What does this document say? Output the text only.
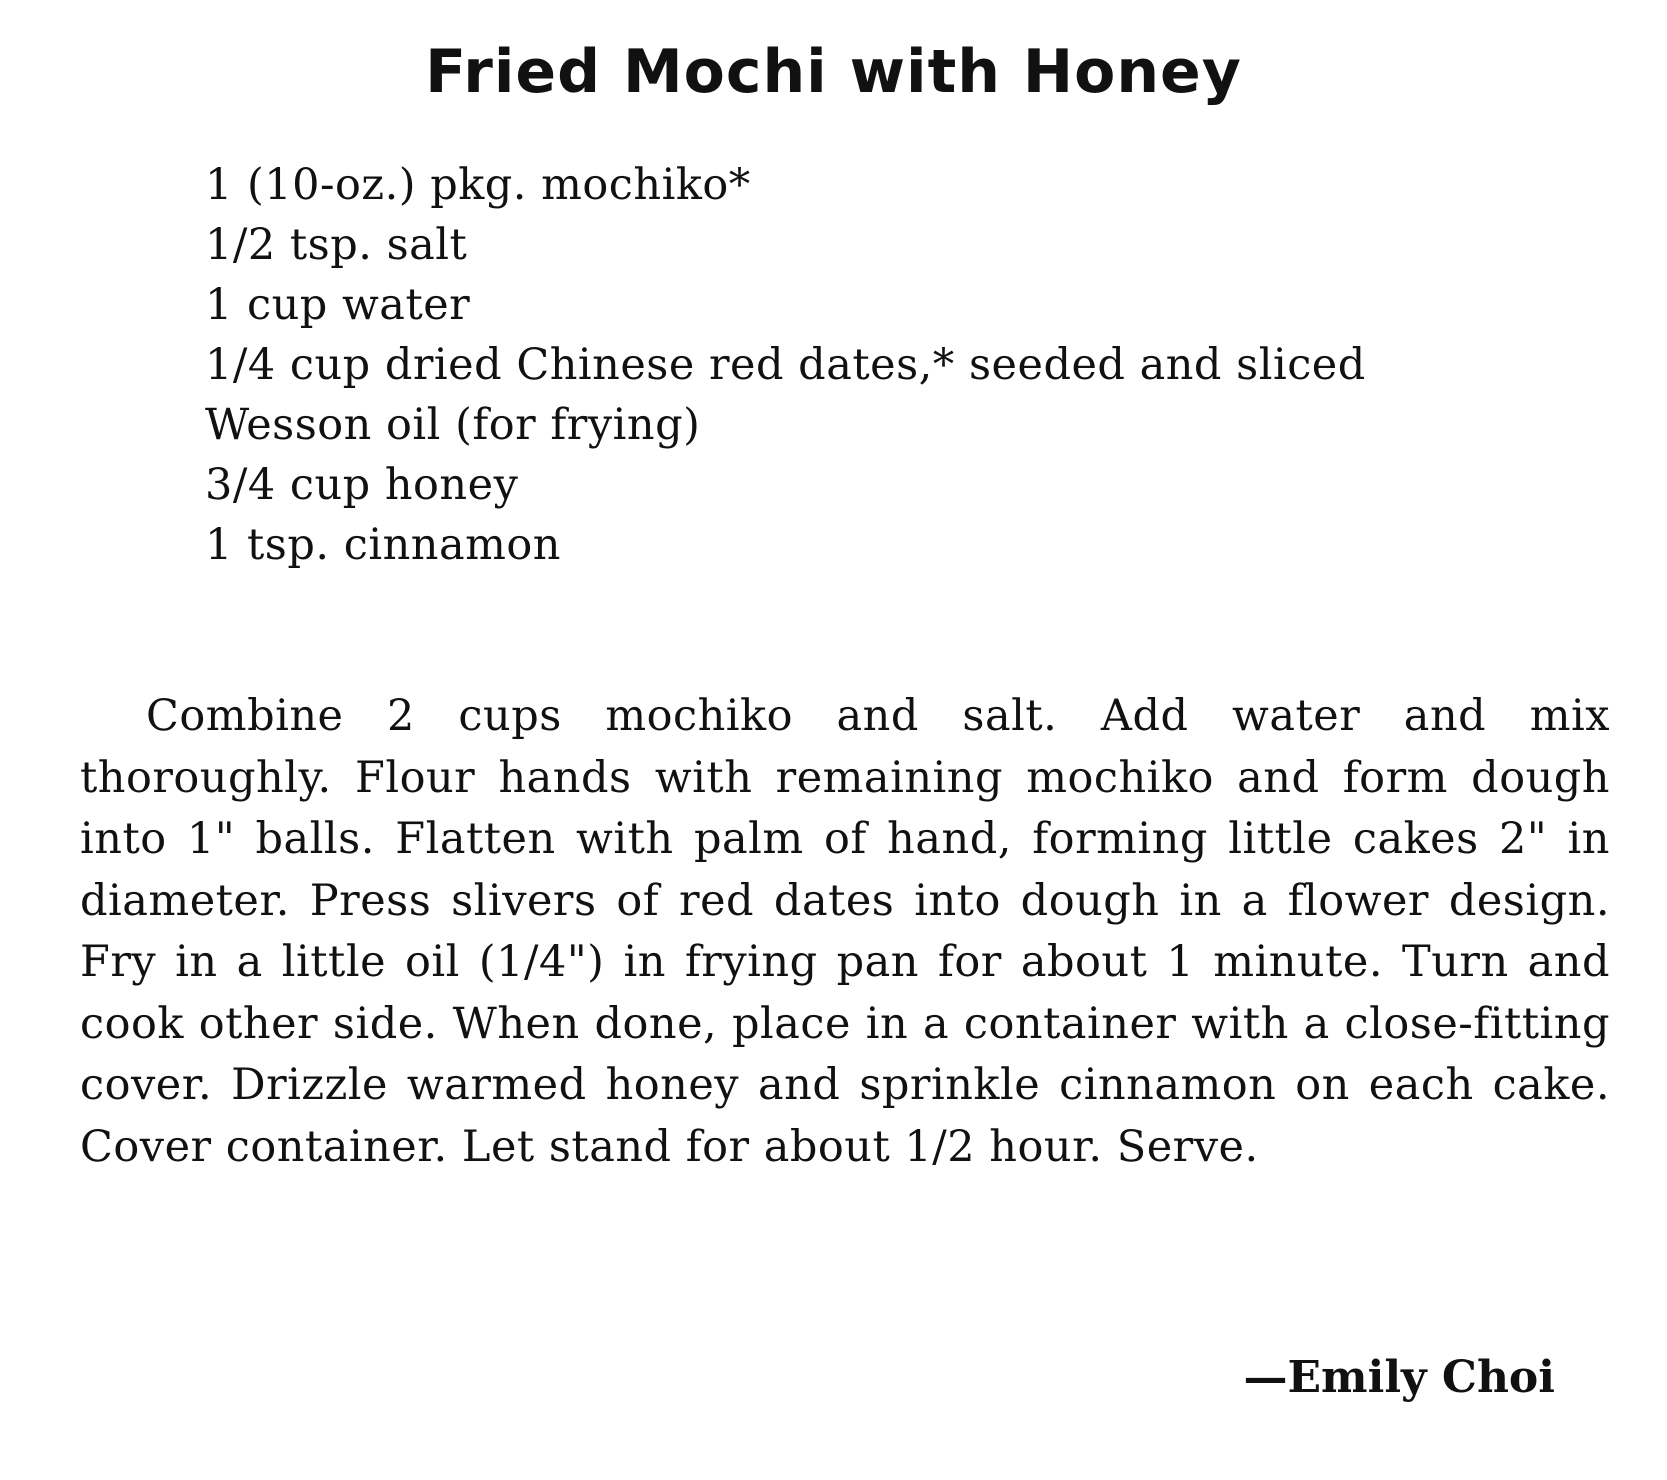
Fried Mochi with Honey
1 (10-oz.) pkg. mochiko*
1/2 tsp. salt
1 cup water
1/4 cup dried Chinese red dates,* seeded and sliced
Wesson oil (for frying)
3/4 cup honey
1 tsp. cinnamon

Combine 2 cups mochiko and salt. Add water and mix thoroughly. Flour hands with remaining mochiko and form dough into 1" balls. Flatten with palm of hand, forming little cakes 2" in diameter. Press slivers of red dates into dough in a flower design. Fry in a little oil (1/4") in frying pan for about 1 minute. Turn and cook other side. When done, place in a container with a close-fitting cover. Drizzle warmed honey and sprinkle cinnamon on each cake. Cover container. Let stand for about 1/2 hour. Serve.

—Emily Choi
